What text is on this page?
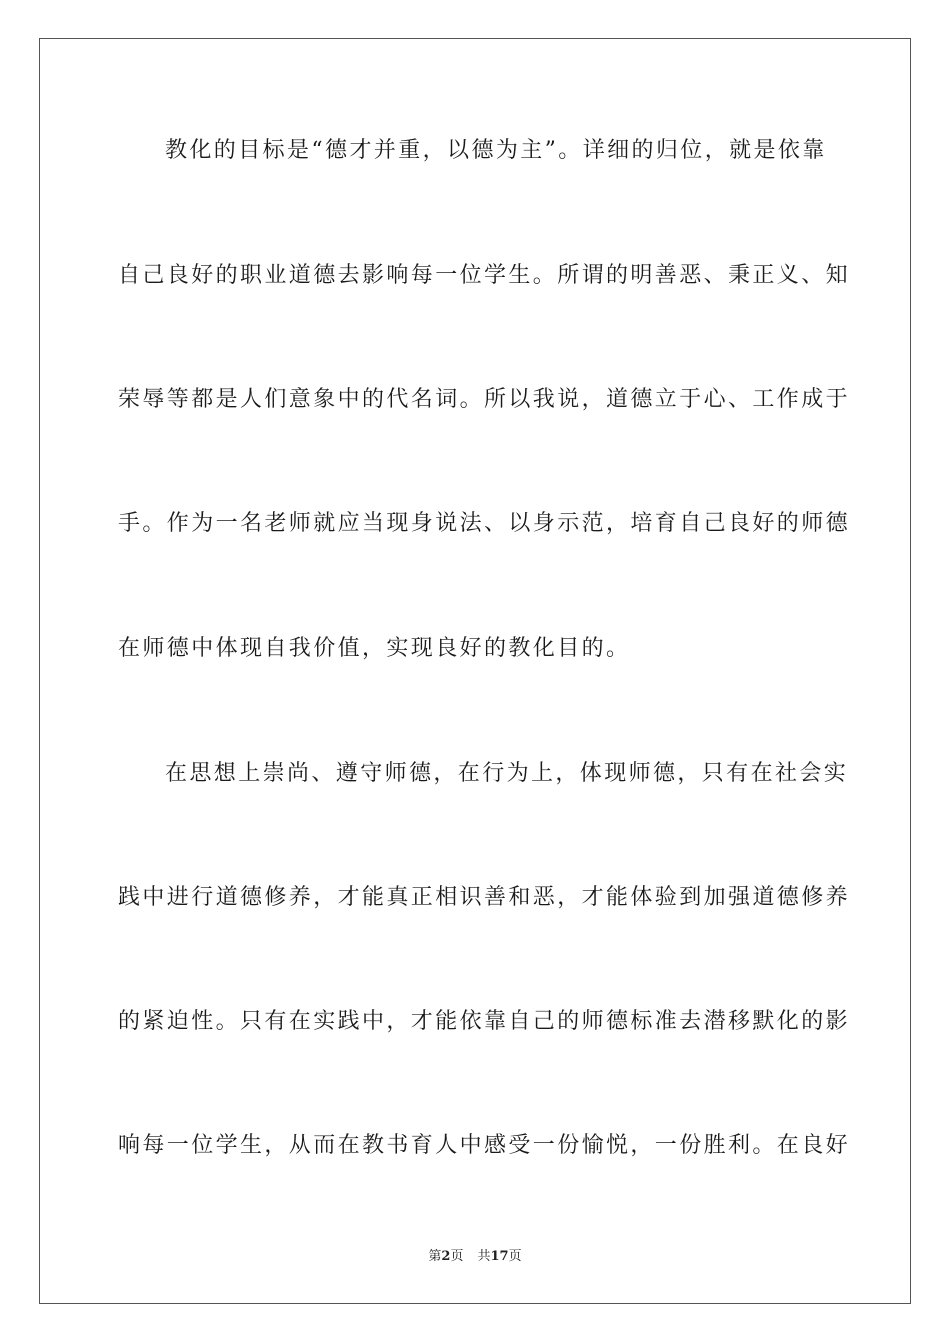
教化的目标是“德才并重，以德为主”。详细的归位，就是依靠
自己良好的职业道德去影响每一位学生。所谓的明善恶、秉正义、知
荣辱等都是人们意象中的代名词。所以我说，道德立于心、工作成于
手。作为一名老师就应当现身说法、以身示范，培育自己良好的师德
在师德中体现自我价值，实现良好的教化目的。
在思想上崇尚、遵守师德，在行为上，体现师德，只有在社会实
践中进行道德修养，才能真正相识善和恶，才能体验到加强道德修养
的紧迫性。只有在实践中，才能依靠自己的师德标准去潜移默化的影
响每一位学生，从而在教书育人中感受一份愉悦，一份胜利。在良好
第2页 共17页
